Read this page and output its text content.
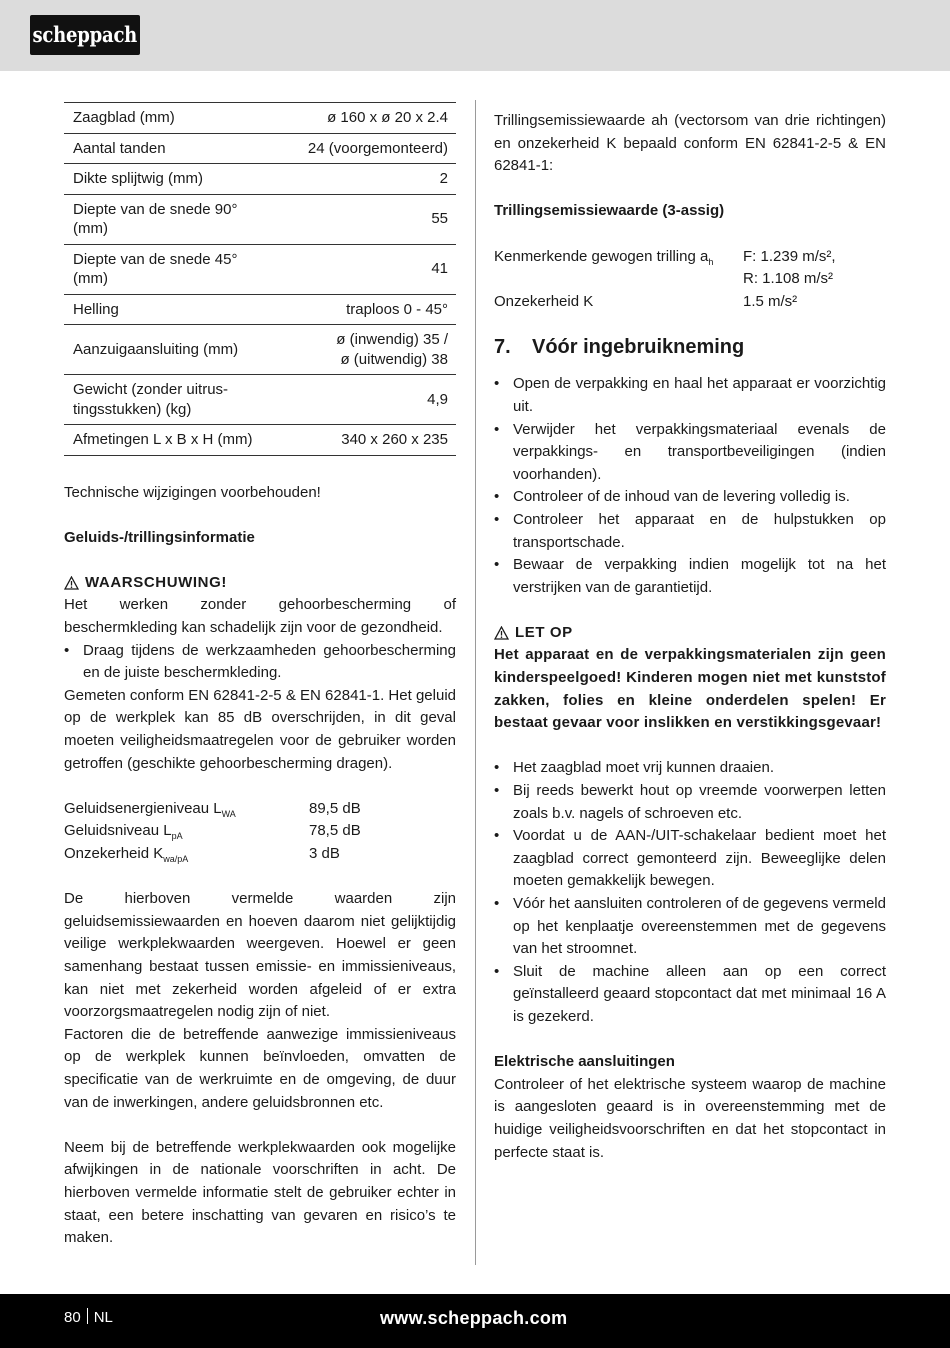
scheppach
Zaagblad (mm)	ø 160 x ø 20 x 2.4
Aantal tanden	24 (voorgemonteerd)
Dikte splijtwig (mm)	2
Diepte van de snede 90° (mm)	55
Diepte van de snede 45° (mm)	41
Helling	traploos 0 - 45°
Aanzuigaansluiting (mm)	ø (inwendig) 35 /
ø (uitwendig) 38

Gewicht (zonder uitrus-tingsstukken) (kg)	4,9
Afmetingen L x B x H (mm)	340 x 260 x 235

Technische wijzigingen voorbehouden!

Geluids-/trillingsinformatie

WAARSCHUWING!

Het werken zonder gehoorbescherming of beschermkleding kan schadelijk zijn voor de gezondheid.

• Draag tijdens de werkzaamheden gehoorbescherming en de juiste beschermkleding.

Gemeten conform EN 62841-2-5 & EN 62841-1. Het geluid op de werkplek kan 85 dB overschrijden, in dit geval moeten veiligheidsmaatregelen voor de gebruiker worden getroffen (geschikte gehoorbescherming dragen).

Geluidsenergieniveau $L_{WA}$	89,5 dB
Geluidsniveau $L_{pA}$	78,5 dB
Onzekerheid $K_{wa/pA}$	3 dB

De hierboven vermelde waarden zijn geluidsemissiewaarden en hoeven daarom niet gelijktijdig veilige werkplekwaarden weergeven. Hoewel er geen samenhang bestaat tussen emissie- en immissieniveaus, kan niet met zekerheid worden afgeleid of er extra voorzorgsmaatregelen nodig zijn of niet.

Factoren die de betreffende aanwezige immissieniveaus op de werkplek kunnen beïnvloeden, omvatten de specificatie van de werkruimte en de omgeving, de duur van de inwerkingen, andere geluidsbronnen etc.

Neem bij de betreffende werkplekwaarden ook mogelijke afwijkingen in de nationale voorschriften in acht. De hierboven vermelde informatie stelt de gebruiker echter in staat, een betere inschatting van gevaren en risico’s te maken.

Trillingsemissiewaarde ah (vectorsom van drie richtingen) en onzekerheid K bepaald conform EN 62841-2-5 & EN 62841-1:

Trillingsemissiewaarde (3-assig)

Kenmerkende gewogen trilling $a_h$	F: 1.239 m/s²,
R: 1.108 m/s²
Onzekerheid K	1.5 m/s²
7.	Vóór ingebruikneming
• Open de verpakking en haal het apparaat er voorzichtig uit.
• Verwijder het verpakkingsmateriaal evenals de verpakkings- en transportbeveiligingen (indien voorhanden).
• Controleer of de inhoud van de levering volledig is.
• Controleer het apparaat en de hulpstukken op transportschade.
• Bewaar de verpakking indien mogelijk tot na het verstrijken van de garantietijd.
LET OP

Het apparaat en de verpakkingsmaterialen zijn geen kinderspeelgoed! Kinderen mogen niet met kunststof zakken, folies en kleine onderdelen spelen! Er bestaat gevaar voor inslikken en verstikkingsgevaar!

• Het zaagblad moet vrij kunnen draaien.
• Bij reeds bewerkt hout op vreemde voorwerpen letten zoals b.v. nagels of schroeven etc.
• Voordat u de AAN-/UIT-schakelaar bedient moet het zaagblad correct gemonteerd zijn. Beweeglijke delen moeten gemakkelijk bewegen.
• Vóór het aansluiten controleren of de gegevens vermeld op het kenplaatje overeenstemmen met de gegevens van het stroomnet.
• Sluit de machine alleen aan op een correct geïnstalleerd geaard stopcontact dat met minimaal 16 A is gezekerd.

Elektrische aansluitingen

Controleer of het elektrische systeem waarop de machine is aangesloten geaard is in overeenstemming met de huidige veiligheidsvoorschriften en dat het stopcontact in perfecte staat is.

80 NL	www.scheppach.com
